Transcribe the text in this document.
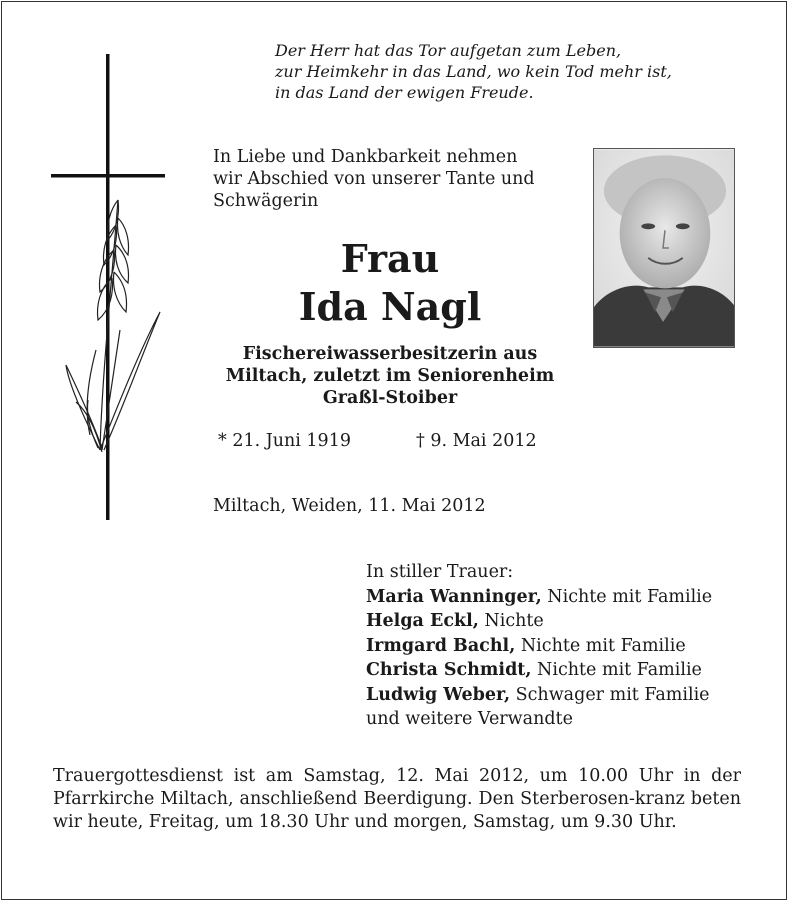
Der Herr hat das Tor aufgetan zum Leben,
zur Heimkehr in das Land, wo kein Tod mehr ist,
in das Land der ewigen Freude.
In Liebe und Dankbarkeit nehmen
wir Abschied von unserer Tante und
Schwägerin
Frau
Ida Nagl
Fischereiwasserbesitzerin aus
Miltach, zuletzt im Seniorenheim
Graßl-Stoiber
* 21. Juni 1919	† 9. Mai 2012
Miltach, Weiden, 11. Mai 2012
In stiller Trauer:
Maria Wanninger, Nichte mit Familie
Helga Eckl, Nichte
Irmgard Bachl, Nichte mit Familie
Christa Schmidt, Nichte mit Familie
Ludwig Weber, Schwager mit Familie
und weitere Verwandte
Trauergottesdienst ist am Samstag, 12. Mai 2012, um 10.00 Uhr in der Pfarrkirche Miltach, anschließend Beerdigung. Den Sterberosen-kranz beten wir heute, Freitag, um 18.30 Uhr und morgen, Samstag, um 9.30 Uhr.
